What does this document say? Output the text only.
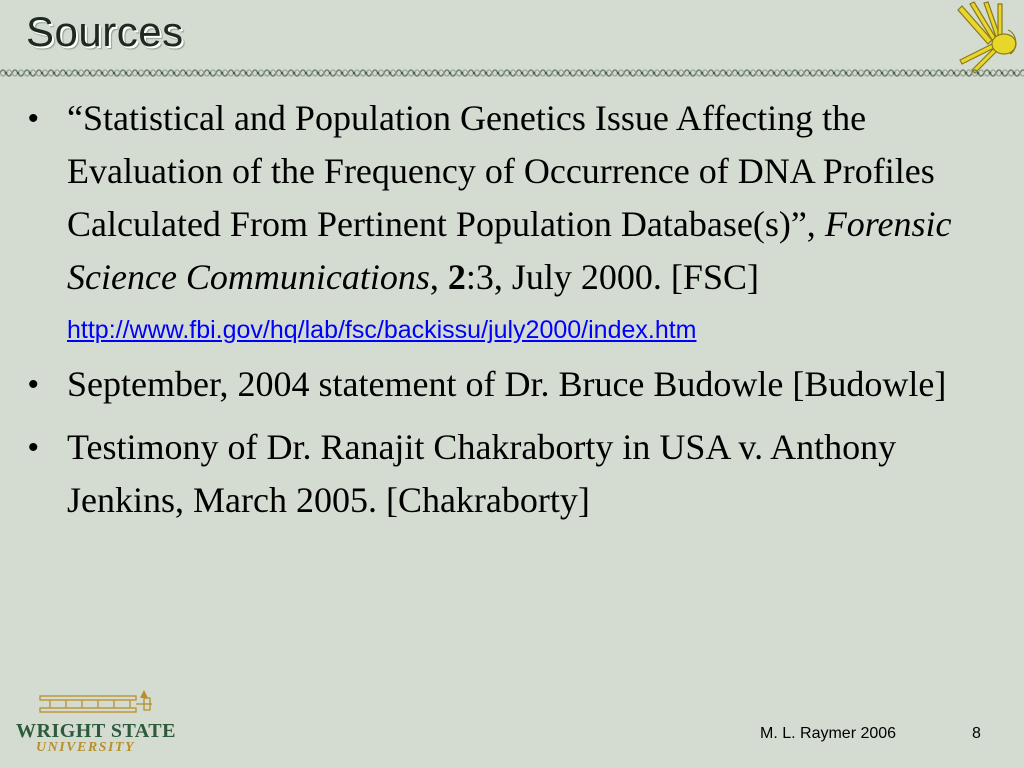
Sources
• “Statistical and Population Genetics Issue Affecting the Evaluation of the Frequency of Occurrence of DNA Profiles Calculated From Pertinent Population Database(s)”, Forensic Science Communications, 2:3, July 2000. [FSC]
http://www.fbi.gov/hq/lab/fsc/backissu/july2000/index.htm
• September, 2004 statement of Dr. Bruce Budowle [Budowle]
• Testimony of Dr. Ranajit Chakraborty in USA v. Anthony Jenkins, March 2005. [Chakraborty]
WRIGHT STATE
UNIVERSITY
M. L. Raymer 2006	8
